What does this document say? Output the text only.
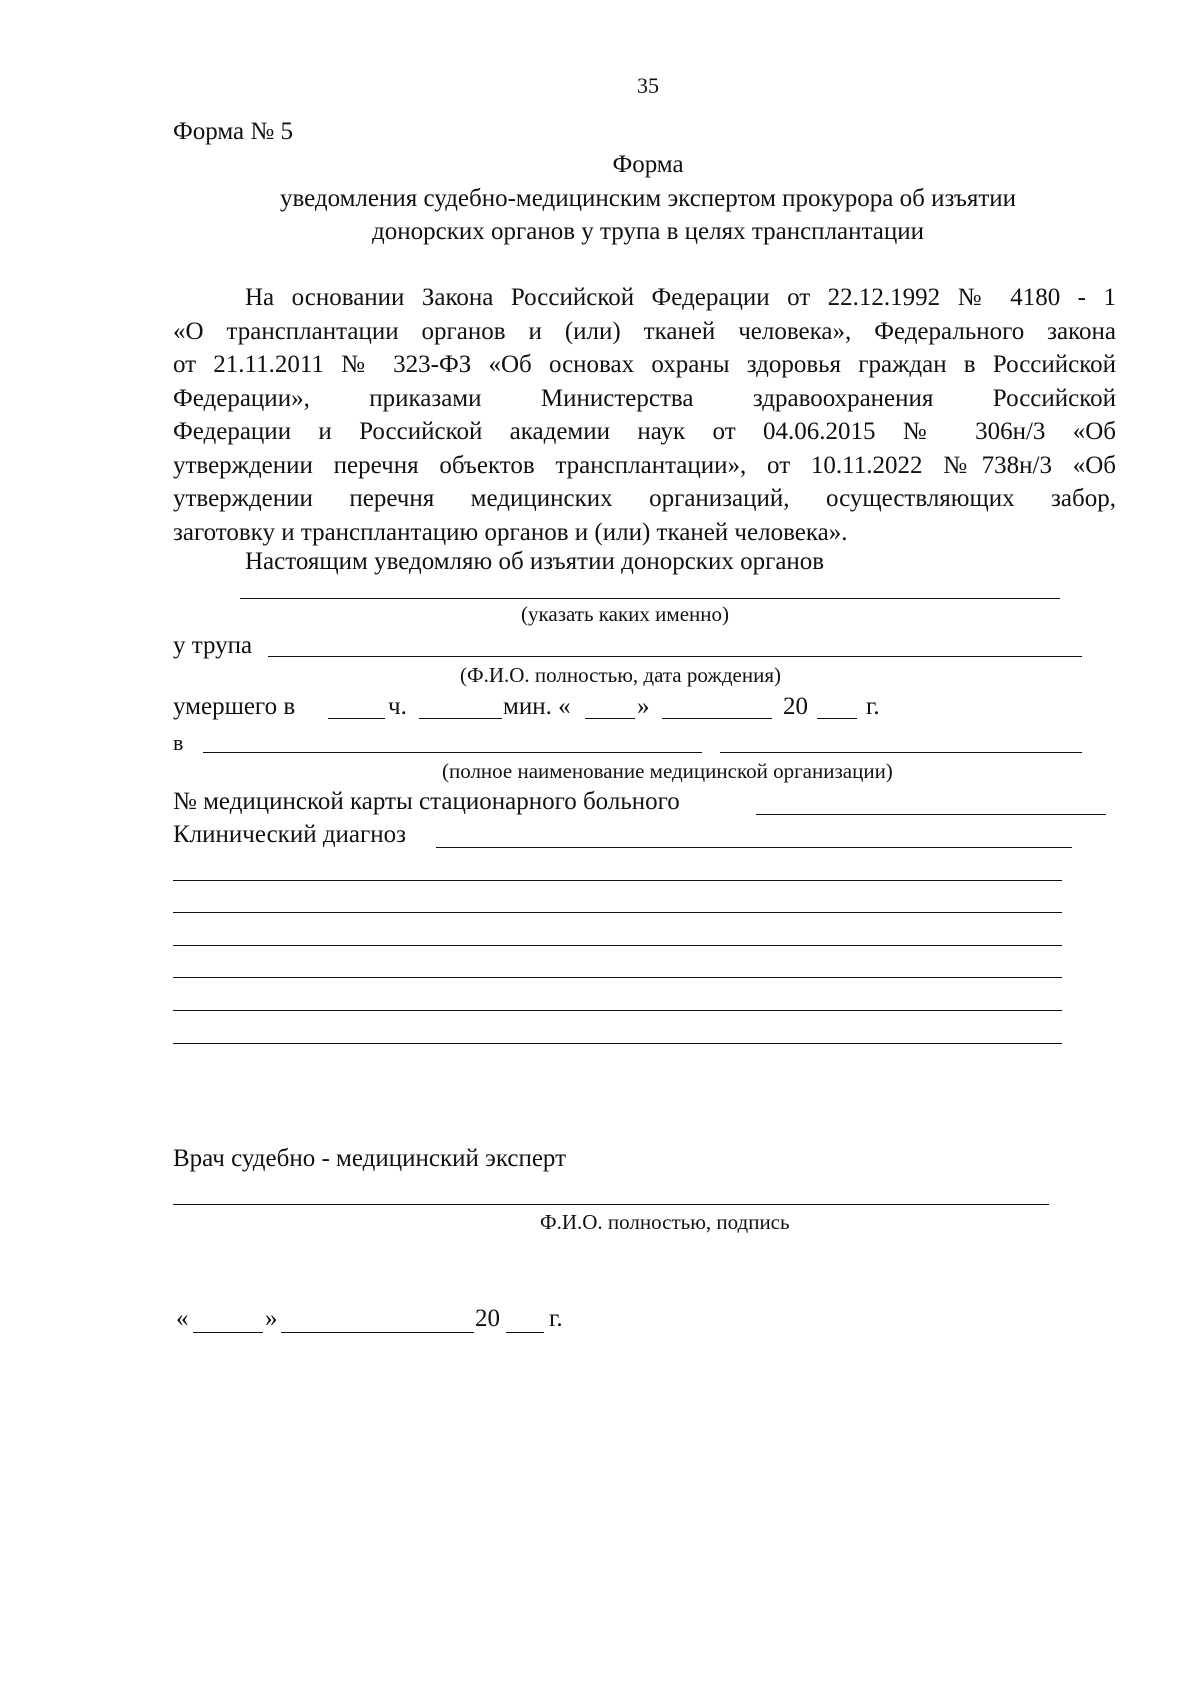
35
Форма № 5
Форма
уведомления судебно-медицинским экспертом прокурора об изъятии
донорских органов у трупа в целях трансплантации
На основании Закона Российской Федерации от 22.12.1992 № 4180 - 1
«О трансплантации органов и (или) тканей человека», Федерального закона
от 21.11.2011 № 323-ФЗ «Об основах охраны здоровья граждан в Российской
Федерации», приказами Министерства здравоохранения Российской
Федерации и Российской академии наук от 04.06.2015 № 306н/3 «Об
утверждении перечня объектов трансплантации», от 10.11.2022 №738н/3 «Об
утверждении перечня медицинских организаций, осуществляющих забор,
заготовку и трансплантацию органов и (или) тканей человека».
Настоящим уведомляю об изъятии донорских органов
(указать каких именно)
у трупа
(Ф.И.О. полностью, дата рождения)
умершего в	ч.	мин. «	»	20 г.
в
(полное наименование медицинской организации)
№ медицинской карты стационарного больного
Клинический диагноз
Врач судебно - медицинский эксперт
Ф.И.О. полностью, подпись
«	»	20 г.
